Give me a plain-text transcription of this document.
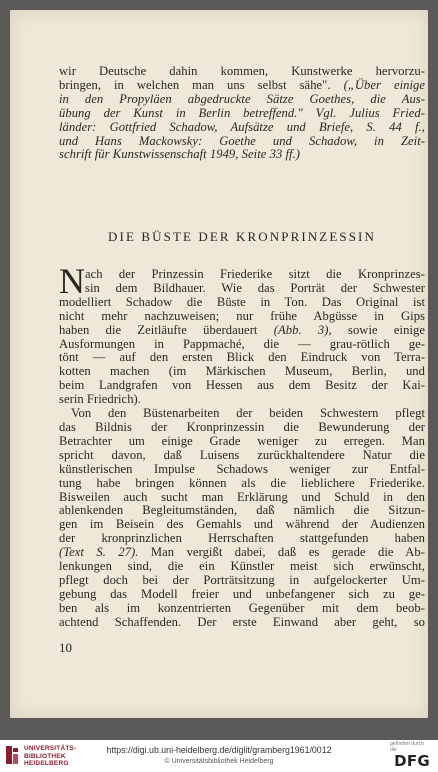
wir Deutsche dahin kommen, Kunstwerke hervorzu-
bringen, in welchen man uns selbst sähe". („Über einige
in den Propyläen abgedruckte Sätze Goethes, die Aus-
übung der Kunst in Berlin betreffend." Vgl. Julius Fried-
länder: Gottfried Schadow, Aufsätze und Briefe, S. 44 f.,
und Hans Mackowsky: Goethe und Schadow, in Zeit-
schrift für Kunstwissenschaft 1949, Seite 33 ff.)
DIE BÜSTE DER KRONPRINZESSIN
N ach der Prinzessin Friederike sitzt die Kronprinzes-
sin dem Bildhauer. Wie das Porträt der Schwester
modelliert Schadow die Büste in Ton. Das Original ist
nicht mehr nachzuweisen; nur frühe Abgüsse in Gips
haben die Zeitläufte überdauert (Abb. 3), sowie einige
Ausformungen in Pappmaché, die — grau-rötlich ge-
tönt — auf den ersten Blick den Eindruck von Terra-
kotten machen (im Märkischen Museum, Berlin, und
beim Landgrafen von Hessen aus dem Besitz der Kai-
serin Friedrich).
Von den Büstenarbeiten der beiden Schwestern pflegt
das Bildnis der Kronprinzessin die Bewunderung der
Betrachter um einige Grade weniger zu erregen. Man
spricht davon, daß Luisens zurückhaltendere Natur die
künstlerischen Impulse Schadows weniger zur Entfal-
tung habe bringen können als die lieblichere Friederike.
Bisweilen auch sucht man Erklärung und Schuld in den
ablenkenden Begleitumständen, daß nämlich die Sitzun-
gen im Beisein des Gemahls und während der Audienzen
der kronprinzlichen Herrschaften stattgefunden haben
(Text S. 27). Man vergißt dabei, daß es gerade die Ab-
lenkungen sind, die ein Künstler meist sich erwünscht,
pflegt doch bei der Porträtsitzung in aufgelockerter Um-
gebung das Modell freier und unbefangener sich zu ge-
ben als im konzentrierten Gegenüber mit dem beob-
achtend Schaffenden. Der erste Einwand aber geht, so
10
UNIVERSITÄTS-
BIBLIOTHEK
HEIDELBERG
https://digi.ub.uni-heidelberg.de/diglit/gramberg1961/0012
© Universitätsbibliothek Heidelberg
gefördert durch die
DFG
